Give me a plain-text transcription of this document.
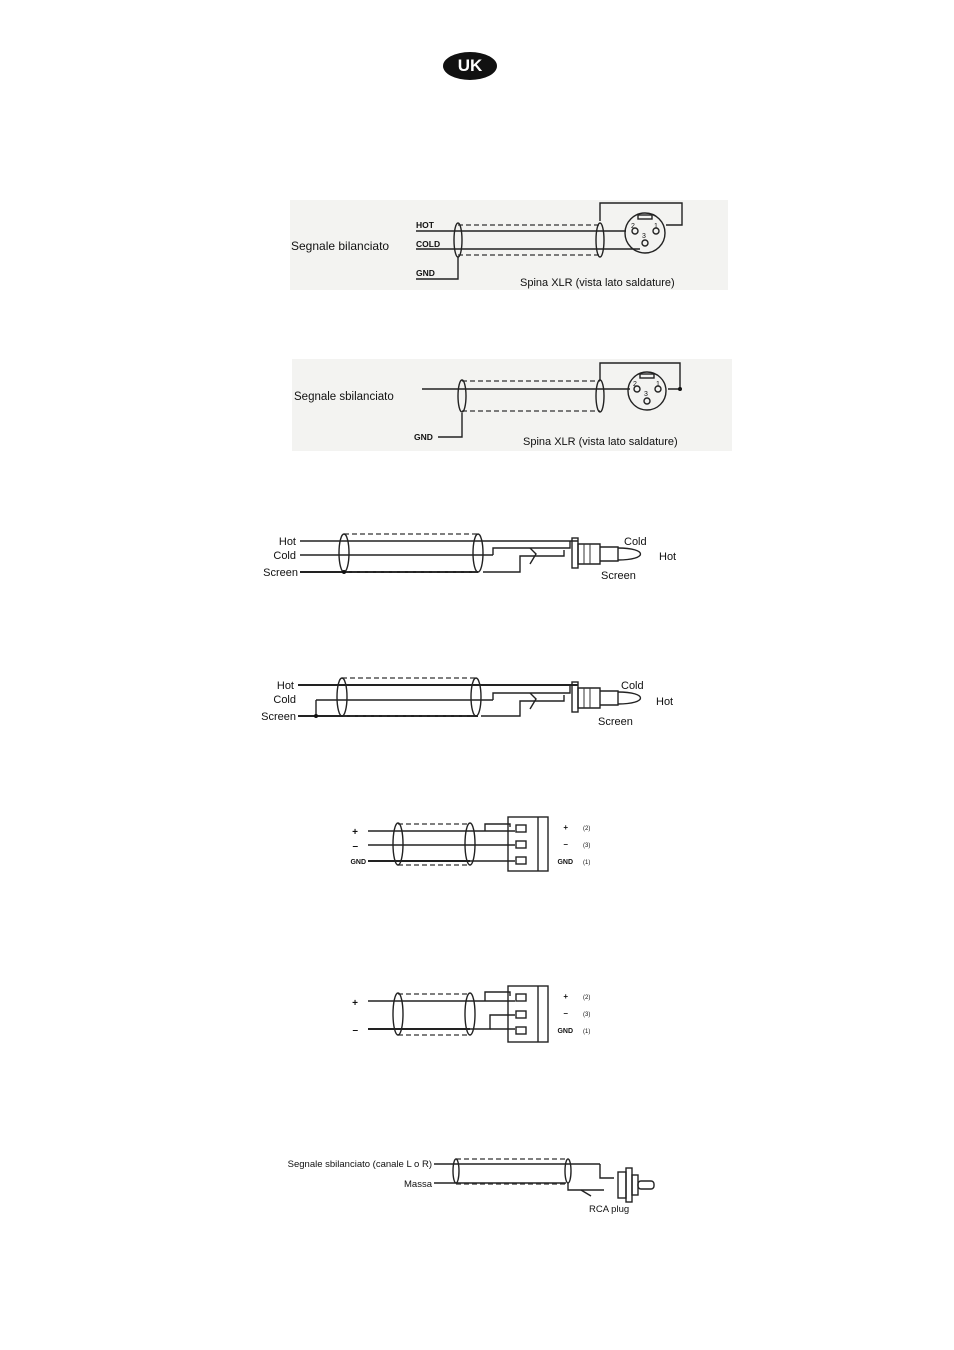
UK
Segnale bilanciato
HOT
COLD
GND
2	1
3
Spina XLR (vista lato saldature)
Segnale sbilanciato
GND
2	1
3
Spina XLR (vista lato saldature)
Hot
Cold
Screen
Cold
Hot
Screen
Hot
Cold
Screen
Cold
Hot
Screen
+
–
GND
+
–
GND
(2)
(3)
(1)
+
–
+
–
GND
(2)
(3)
(1)
Segnale sbilanciato (canale L o R)
Massa
RCA plug
